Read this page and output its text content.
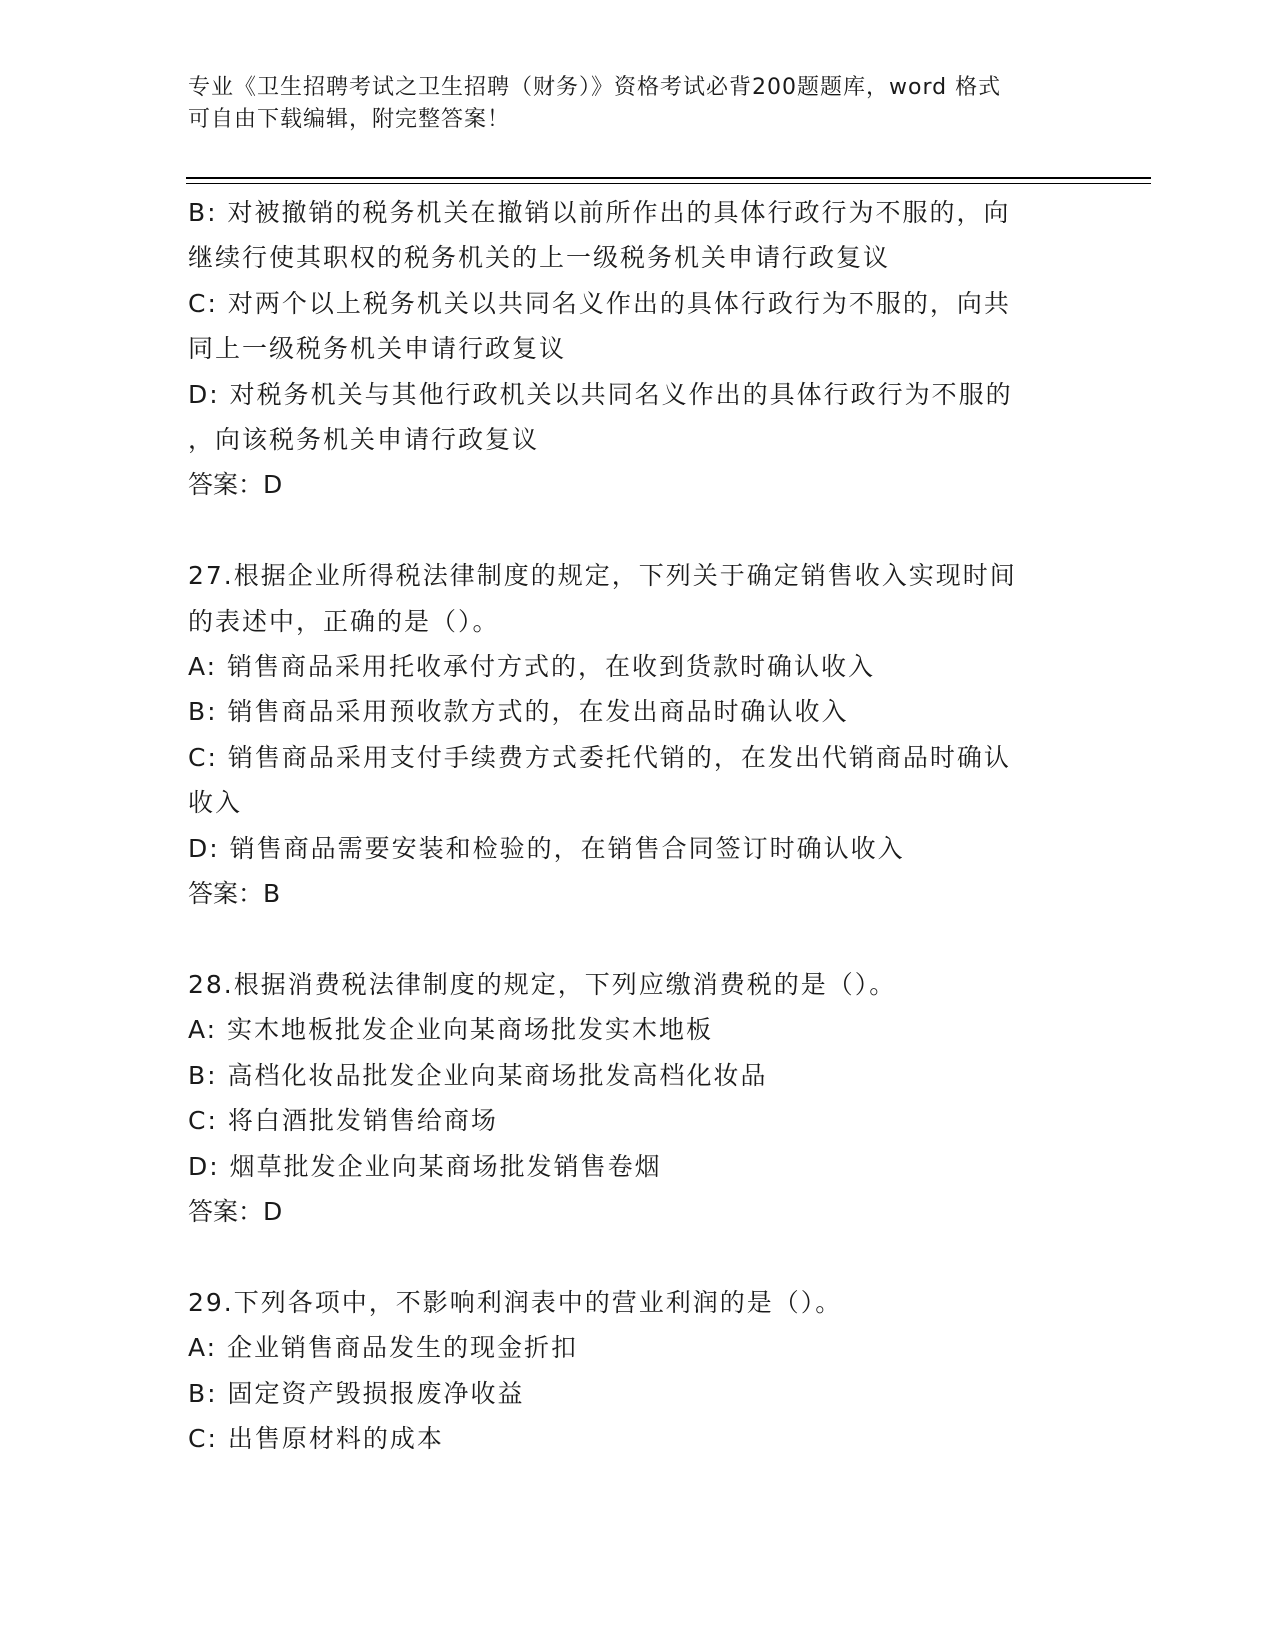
专业《卫生招聘考试之卫生招聘（财务）》资格考试必背200题题库，word 格式
可自由下载编辑，附完整答案！
B: 对被撤销的税务机关在撤销以前所作出的具体行政行为不服的，向
继续行使其职权的税务机关的上一级税务机关申请行政复议
C: 对两个以上税务机关以共同名义作出的具体行政行为不服的，向共
同上一级税务机关申请行政复议
D: 对税务机关与其他行政机关以共同名义作出的具体行政行为不服的
，向该税务机关申请行政复议
答案：D
27.根据企业所得税法律制度的规定，下列关于确定销售收入实现时间
的表述中，正确的是（）。
A: 销售商品采用托收承付方式的，在收到货款时确认收入
B: 销售商品采用预收款方式的，在发出商品时确认收入
C: 销售商品采用支付手续费方式委托代销的，在发出代销商品时确认
收入
D: 销售商品需要安装和检验的，在销售合同签订时确认收入
答案：B
28.根据消费税法律制度的规定，下列应缴消费税的是（）。
A: 实木地板批发企业向某商场批发实木地板
B: 高档化妆品批发企业向某商场批发高档化妆品
C: 将白酒批发销售给商场
D: 烟草批发企业向某商场批发销售卷烟
答案：D
29.下列各项中，不影响利润表中的营业利润的是（）。
A: 企业销售商品发生的现金折扣
B: 固定资产毁损报废净收益
C: 出售原材料的成本
